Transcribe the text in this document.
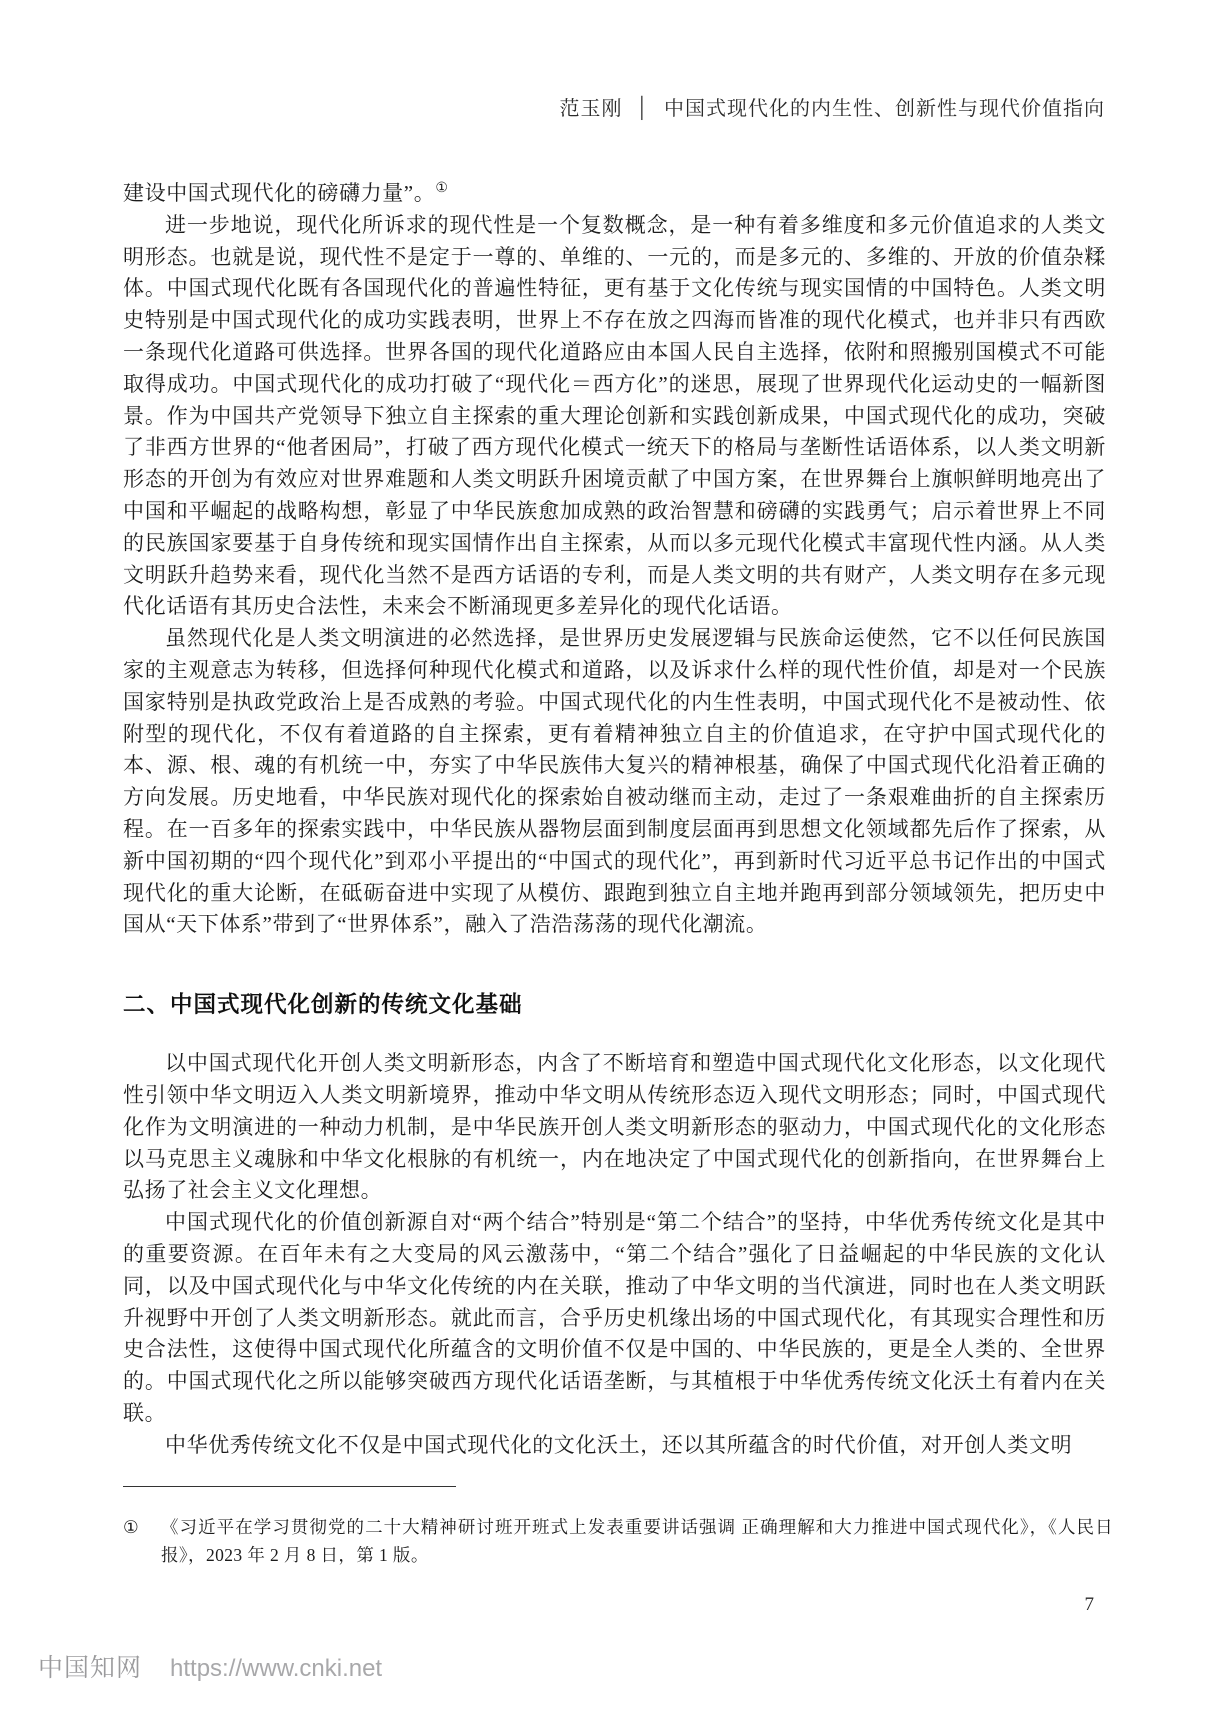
范玉刚 │ 中国式现代化的内生性、创新性与现代价值指向

建设中国式现代化的磅礴力量”。①

进一步地说，现代化所诉求的现代性是一个复数概念，是一种有着多维度和多元价值追求的人类文明形态。也就是说，现代性不是定于一尊的、单维的、一元的，而是多元的、多维的、开放的价值杂糅体。中国式现代化既有各国现代化的普遍性特征，更有基于文化传统与现实国情的中国特色。人类文明史特别是中国式现代化的成功实践表明，世界上不存在放之四海而皆准的现代化模式，也并非只有西欧一条现代化道路可供选择。世界各国的现代化道路应由本国人民自主选择，依附和照搬别国模式不可能取得成功。中国式现代化的成功打破了“现代化＝西方化”的迷思，展现了世界现代化运动史的一幅新图景。作为中国共产党领导下独立自主探索的重大理论创新和实践创新成果，中国式现代化的成功，突破了非西方世界的“他者困局”，打破了西方现代化模式一统天下的格局与垄断性话语体系，以人类文明新形态的开创为有效应对世界难题和人类文明跃升困境贡献了中国方案，在世界舞台上旗帜鲜明地亮出了中国和平崛起的战略构想，彰显了中华民族愈加成熟的政治智慧和磅礴的实践勇气；启示着世界上不同的民族国家要基于自身传统和现实国情作出自主探索，从而以多元现代化模式丰富现代性内涵。从人类文明跃升趋势来看，现代化当然不是西方话语的专利，而是人类文明的共有财产，人类文明存在多元现代化话语有其历史合法性，未来会不断涌现更多差异化的现代化话语。

虽然现代化是人类文明演进的必然选择，是世界历史发展逻辑与民族命运使然，它不以任何民族国家的主观意志为转移，但选择何种现代化模式和道路，以及诉求什么样的现代性价值，却是对一个民族国家特别是执政党政治上是否成熟的考验。中国式现代化的内生性表明，中国式现代化不是被动性、依附型的现代化，不仅有着道路的自主探索，更有着精神独立自主的价值追求，在守护中国式现代化的本、源、根、魂的有机统一中，夯实了中华民族伟大复兴的精神根基，确保了中国式现代化沿着正确的方向发展。历史地看，中华民族对现代化的探索始自被动继而主动，走过了一条艰难曲折的自主探索历程。在一百多年的探索实践中，中华民族从器物层面到制度层面再到思想文化领域都先后作了探索，从新中国初期的“四个现代化”到邓小平提出的“中国式的现代化”，再到新时代习近平总书记作出的中国式现代化的重大论断，在砥砺奋进中实现了从模仿、跟跑到独立自主地并跑再到部分领域领先，把历史中国从“天下体系”带到了“世界体系”，融入了浩浩荡荡的现代化潮流。

二、中国式现代化创新的传统文化基础

以中国式现代化开创人类文明新形态，内含了不断培育和塑造中国式现代化文化形态，以文化现代性引领中华文明迈入人类文明新境界，推动中华文明从传统形态迈入现代文明形态；同时，中国式现代化作为文明演进的一种动力机制，是中华民族开创人类文明新形态的驱动力，中国式现代化的文化形态以马克思主义魂脉和中华文化根脉的有机统一，内在地决定了中国式现代化的创新指向，在世界舞台上弘扬了社会主义文化理想。

中国式现代化的价值创新源自对“两个结合”特别是“第二个结合”的坚持，中华优秀传统文化是其中的重要资源。在百年未有之大变局的风云激荡中，“第二个结合”强化了日益崛起的中华民族的文化认同，以及中国式现代化与中华文化传统的内在关联，推动了中华文明的当代演进，同时也在人类文明跃升视野中开创了人类文明新形态。就此而言，合乎历史机缘出场的中国式现代化，有其现实合理性和历史合法性，这使得中国式现代化所蕴含的文明价值不仅是中国的、中华民族的，更是全人类的、全世界的。中国式现代化之所以能够突破西方现代化话语垄断，与其植根于中华优秀传统文化沃土有着内在关联。

中华优秀传统文化不仅是中国式现代化的文化沃土，还以其所蕴含的时代价值，对开创人类文明

①	《习近平在学习贯彻党的二十大精神研讨班开班式上发表重要讲话强调 正确理解和大力推进中国式现代化》，《人民日报》，2023 年 2 月 8 日，第 1 版。
7
中国知网 https://www.cnki.net
